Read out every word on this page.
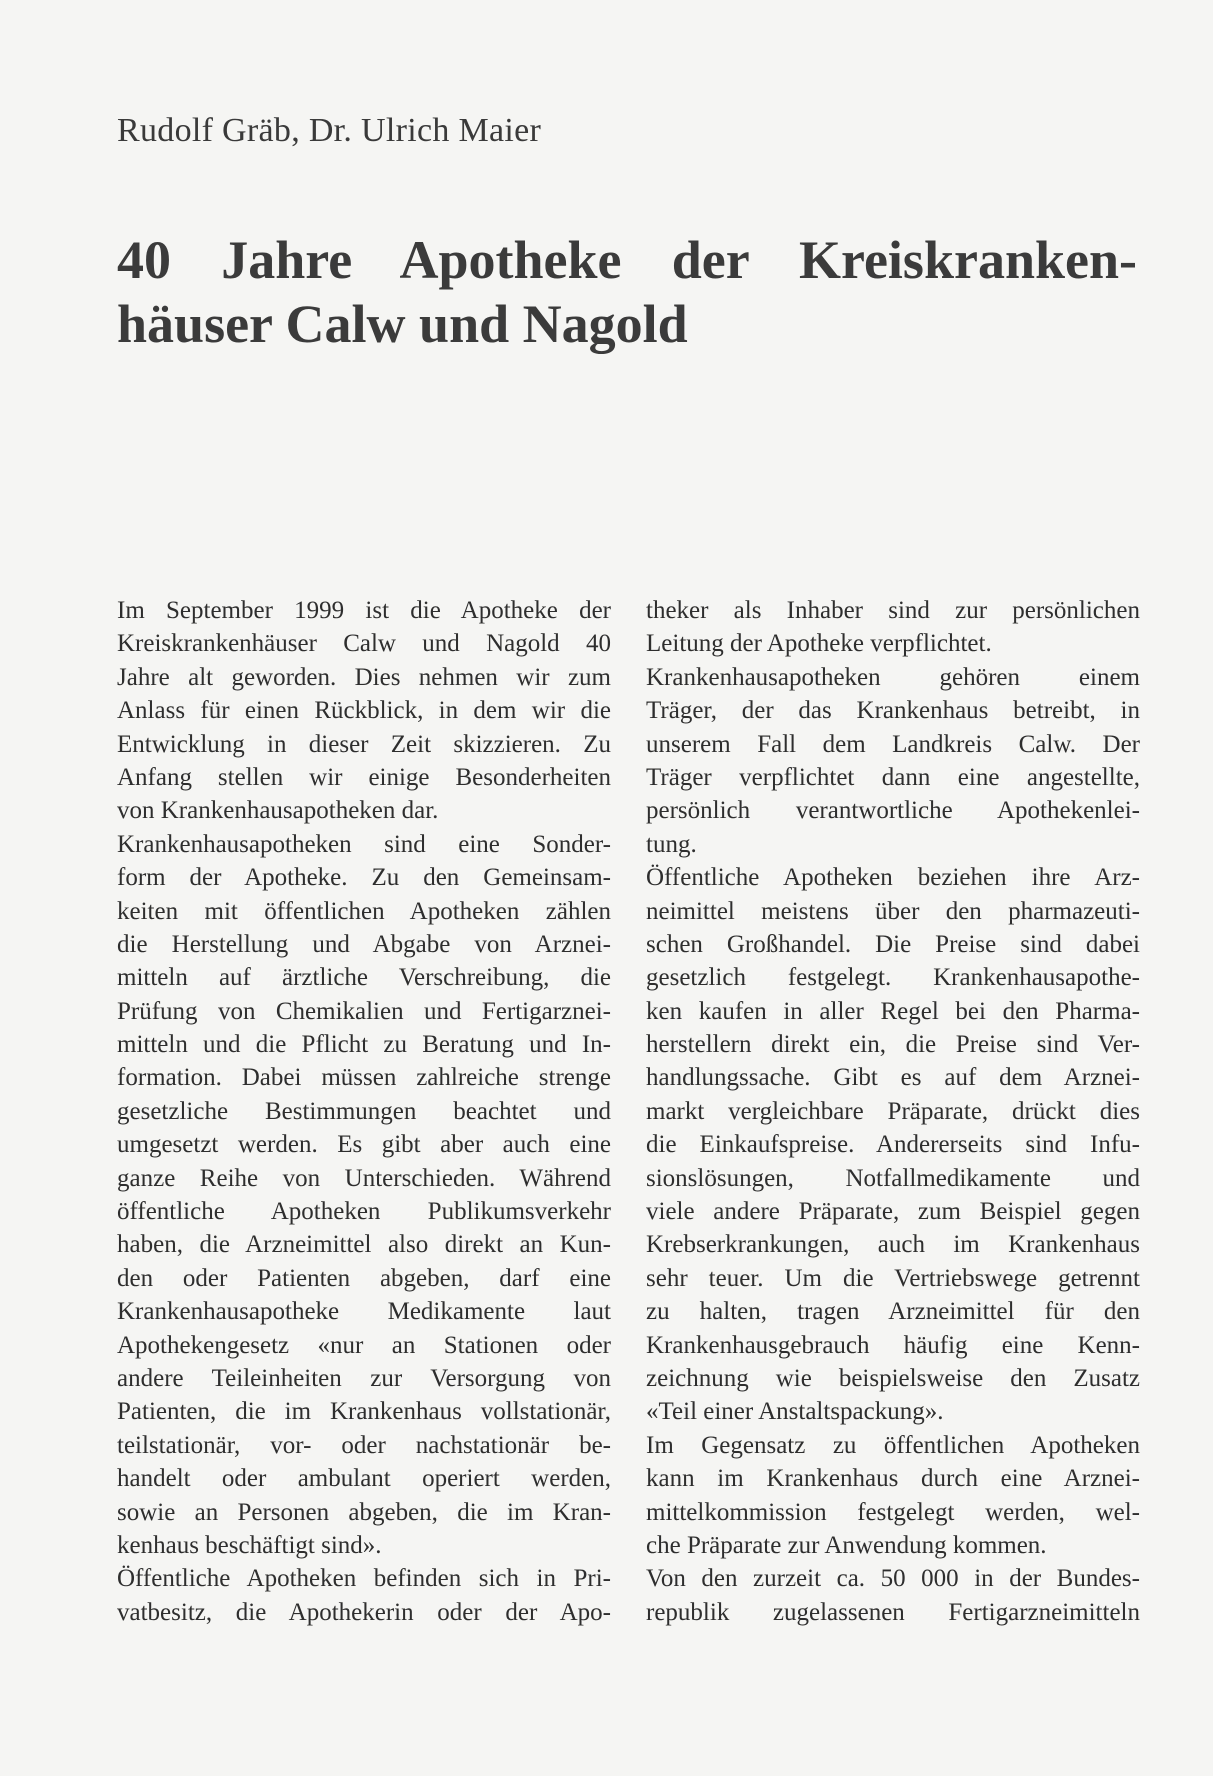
Rudolf Gräb, Dr. Ulrich Maier
40 Jahre Apotheke der Kreiskranken-
häuser Calw und Nagold
Im September 1999 ist die Apotheke der
Kreiskrankenhäuser Calw und Nagold 40
Jahre alt geworden. Dies nehmen wir zum
Anlass für einen Rückblick, in dem wir die
Entwicklung in dieser Zeit skizzieren. Zu
Anfang stellen wir einige Besonderheiten
von Krankenhausapotheken dar.
Krankenhausapotheken sind eine Sonder-
form der Apotheke. Zu den Gemeinsam-
keiten mit öffentlichen Apotheken zählen
die Herstellung und Abgabe von Arznei-
mitteln auf ärztliche Verschreibung, die
Prüfung von Chemikalien und Fertigarznei-
mitteln und die Pflicht zu Beratung und In-
formation. Dabei müssen zahlreiche strenge
gesetzliche Bestimmungen beachtet und
umgesetzt werden. Es gibt aber auch eine
ganze Reihe von Unterschieden. Während
öffentliche Apotheken Publikumsverkehr
haben, die Arzneimittel also direkt an Kun-
den oder Patienten abgeben, darf eine
Krankenhausapotheke Medikamente laut
Apothekengesetz «nur an Stationen oder
andere Teileinheiten zur Versorgung von
Patienten, die im Krankenhaus vollstationär,
teilstationär, vor- oder nachstationär be-
handelt oder ambulant operiert werden,
sowie an Personen abgeben, die im Kran-
kenhaus beschäftigt sind».
Öffentliche Apotheken befinden sich in Pri-
vatbesitz, die Apothekerin oder der Apo-
theker als Inhaber sind zur persönlichen
Leitung der Apotheke verpflichtet.
Krankenhausapotheken gehören einem
Träger, der das Krankenhaus betreibt, in
unserem Fall dem Landkreis Calw. Der
Träger verpflichtet dann eine angestellte,
persönlich verantwortliche Apothekenlei-
tung.
Öffentliche Apotheken beziehen ihre Arz-
neimittel meistens über den pharmazeuti-
schen Großhandel. Die Preise sind dabei
gesetzlich festgelegt. Krankenhausapothe-
ken kaufen in aller Regel bei den Pharma-
herstellern direkt ein, die Preise sind Ver-
handlungssache. Gibt es auf dem Arznei-
markt vergleichbare Präparate, drückt dies
die Einkaufspreise. Andererseits sind Infu-
sionslösungen, Notfallmedikamente und
viele andere Präparate, zum Beispiel gegen
Krebserkrankungen, auch im Krankenhaus
sehr teuer. Um die Vertriebswege getrennt
zu halten, tragen Arzneimittel für den
Krankenhausgebrauch häufig eine Kenn-
zeichnung wie beispielsweise den Zusatz
«Teil einer Anstaltspackung».
Im Gegensatz zu öffentlichen Apotheken
kann im Krankenhaus durch eine Arznei-
mittelkommission festgelegt werden, wel-
che Präparate zur Anwendung kommen.
Von den zurzeit ca. 50 000 in der Bundes-
republik zugelassenen Fertigarzneimitteln
